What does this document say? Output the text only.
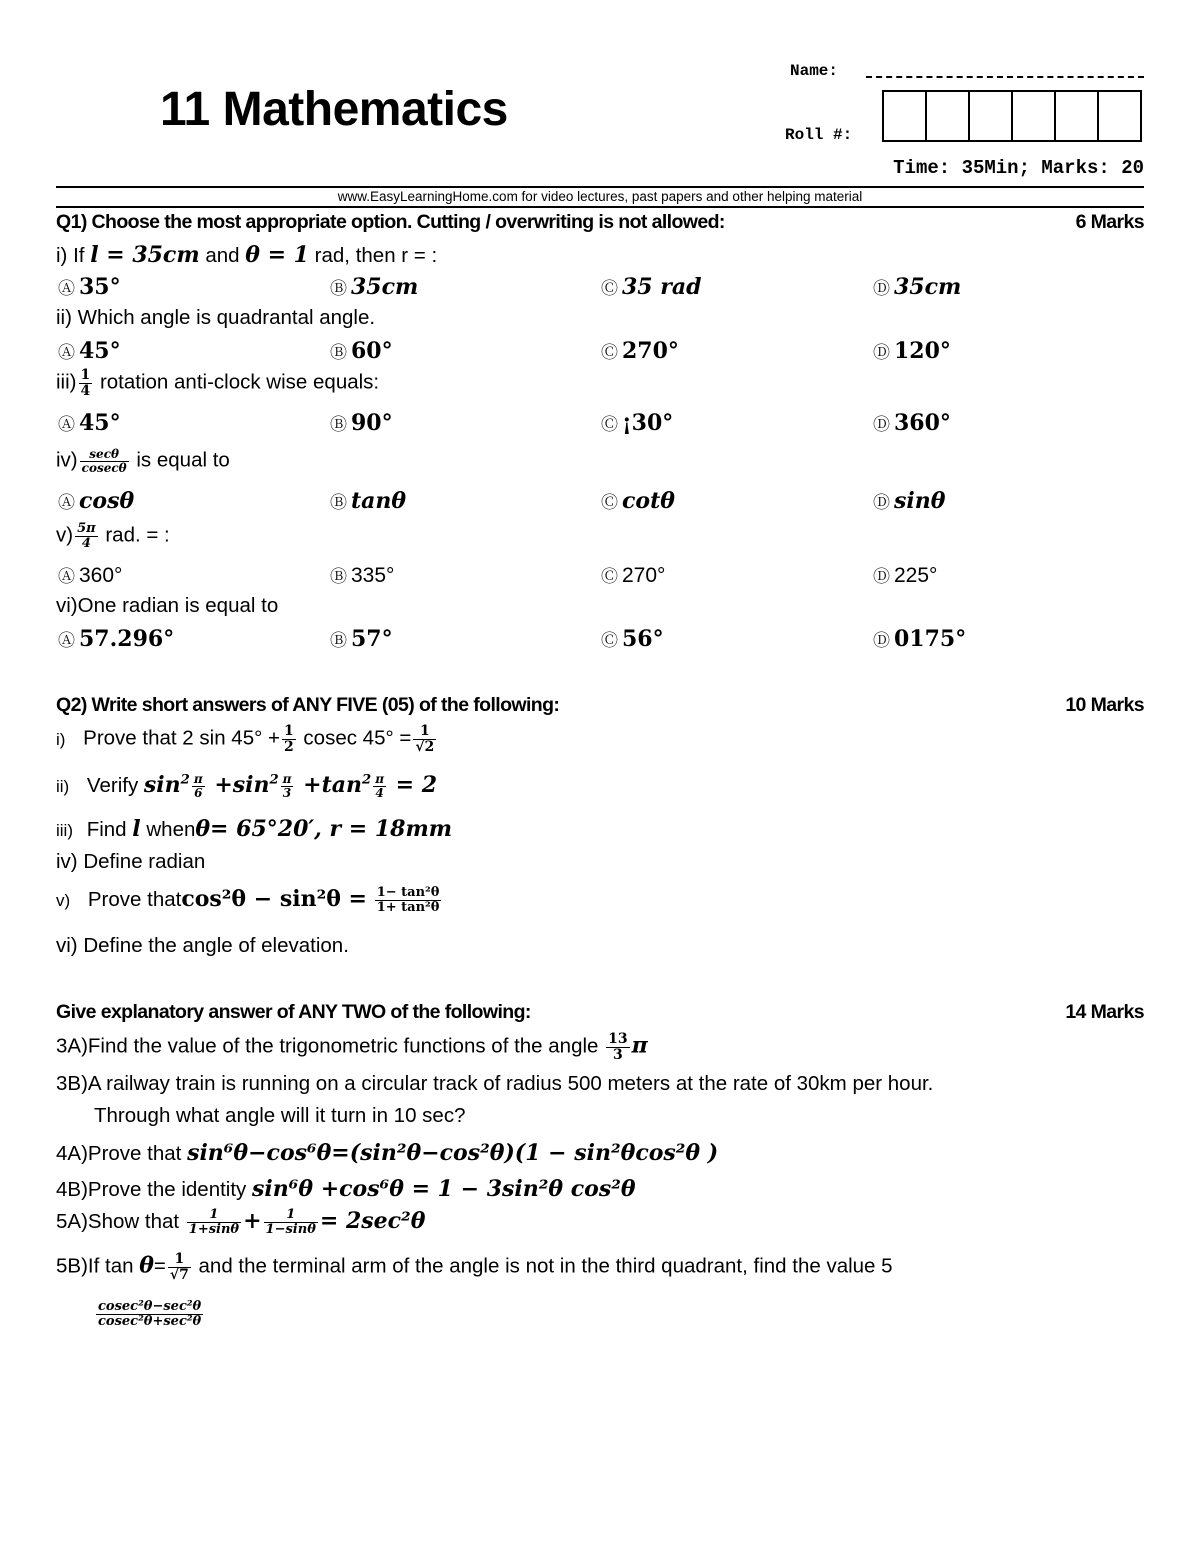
11 Mathematics
Name:
Roll #:
Time: 35Min; Marks: 20
www.EasyLearningHome.com for video lectures, past papers and other helping material
Q1) Choose the most appropriate option. Cutting / overwriting is not allowed:	6 Marks
i) If l = 35cm and θ = 1 rad, then r = :
Ⓐ 35°	Ⓑ 35cm	Ⓒ 35 rad	Ⓓ 35cm
ii) Which angle is quadrantal angle.
Ⓐ 45°	Ⓑ 60°	Ⓒ 270°	Ⓓ 120°
$iii) \frac{1}{4}$ rotation anti-clock wise equals:
Ⓐ 45°	Ⓑ 90°	Ⓒ ¡30°	Ⓓ 360°
$iv) \frac{\sec\theta}{cosec\theta}$ is equal to
Ⓐ cosθ	Ⓑ tanθ	Ⓒ cotθ	Ⓓ sinθ
$v) \frac{5\pi}{4}$ rad. = :
Ⓐ 360°	Ⓑ 335°	Ⓒ 270°	Ⓓ 225°
vi)One radian is equal to
Ⓐ 57.296°	Ⓑ 57°	Ⓒ 56°	Ⓓ 0175°
Q2) Write short answers of ANY FIVE (05) of the following:	10 Marks
i) Prove that 2 $\sin 45^\circ + \frac{1}{2}$ cosec $45^\circ = \frac{1}{√2}$
ii) Verify $\sin^2 \frac{\pi}{6} +\sin^2 \frac{\pi}{3} +\tan^2 \frac{\pi}{4} = 2$
iii) Find l whenθ= 65°20′, r = 18mm
iv) Define radian
v) Prove thatcos²θ − $\sin^2\theta = \frac{\text{1− tan²θ}}{\text{1+ tan²θ}}$
vi) Define the angle of elevation.
Give explanatory answer of ANY TWO of the following:	14 Marks
3A)Find the value of the trigonometric functions of the angle $\frac{13}{3}$ π
3B)A railway train is running on a circular track of radius 500 meters at the rate of 30km per hour.
Through what angle will it turn in 10 sec?
4A)Prove that sin⁶θ−cos⁶θ=(sin²θ−cos²θ)(1 − sin²θcos²θ )
4B)Prove the identity sin⁶θ +cos⁶θ = 1 − 3sin²θ cos²θ
5A)Show that $\frac{1}{1+\sin\theta} + \frac{1}{1-\sin\theta} = 2\sec^2\theta$
5B)If $\tan \theta= \frac{1}{√7}$ and the terminal arm of the angle is not in the third quadrant, find the value 5
$\frac{\text{cosec²θ−sec²θ}}{\text{cosec²θ+sec²θ}}$
